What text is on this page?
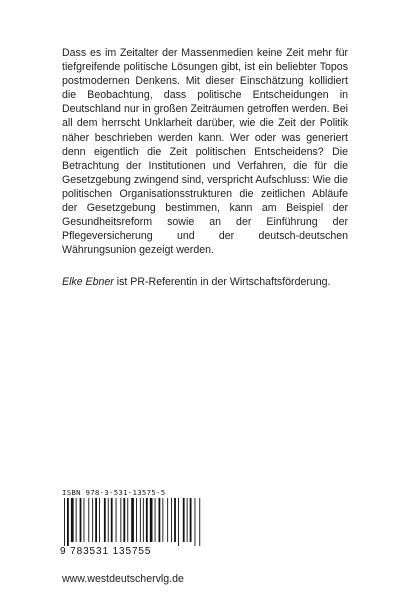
Dass es im Zeitalter der Massenmedien keine Zeit mehr für tiefgreifende politische Lösungen gibt, ist ein beliebter Topos postmodernen Denkens. Mit dieser Einschätzung kollidiert die Beobachtung, dass politische Entscheidungen in Deutschland nur in großen Zeiträumen getroffen werden. Bei all dem herrscht Unklarheit darüber, wie die Zeit der Politik näher beschrieben werden kann. Wer oder was generiert denn eigentlich die Zeit politischen Entscheidens? Die Betrachtung der Institutionen und Verfahren, die für die Gesetzgebung zwingend sind, verspricht Aufschluss: Wie die politischen Organisationsstrukturen die zeitlichen Abläufe der Gesetzgebung bestimmen, kann am Beispiel der Gesundheitsreform sowie an der Einführung der Pflegeversicherung und der deutsch-deutschen Währungsunion gezeigt werden.

Elke Ebner ist PR-Referentin in der Wirtschaftsförderung.

ISBN 978-3-531-13575-5
9 783531 135755
www.westdeutschervlg.de
